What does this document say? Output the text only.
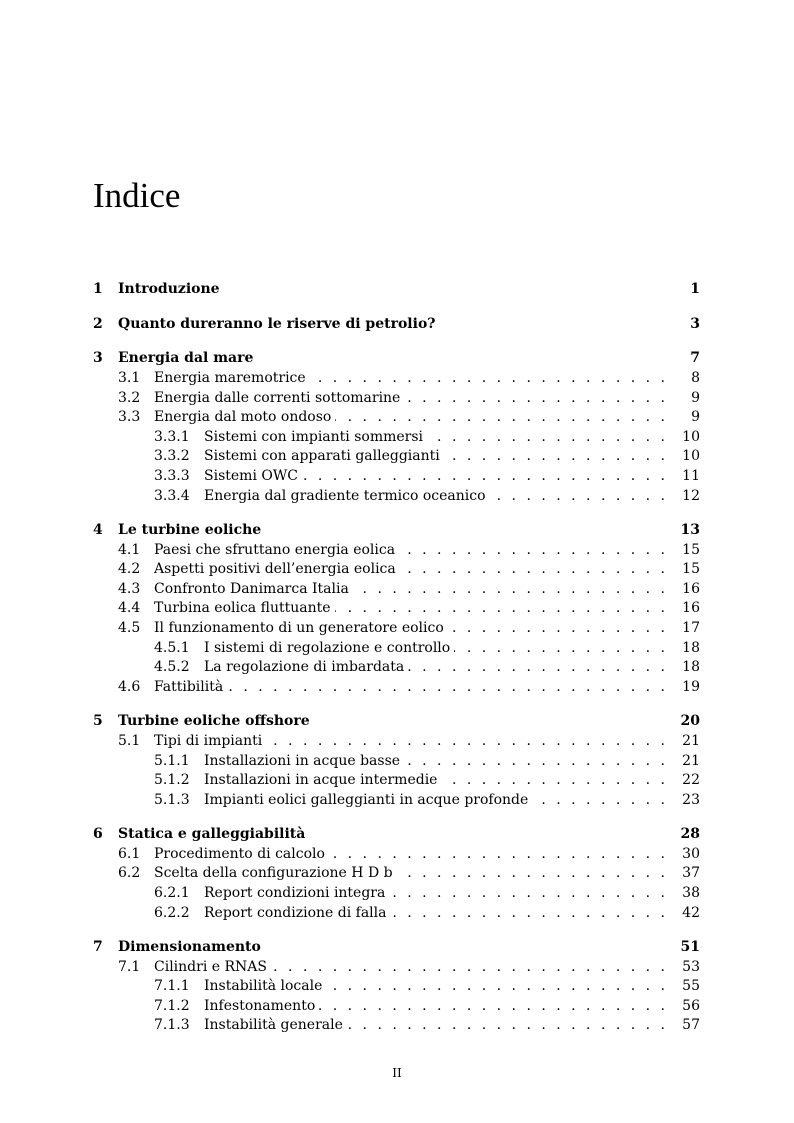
Indice
1 Introduzione	1
2 Quanto dureranno le riserve di petrolio?	3
3 Energia dal mare	7
3.1 Energia maremotrice . . .	8
3.2 Energia dalle correnti sottomarine . . .	9
3.3 Energia dal moto ondoso . . .	9
3.3.1 Sistemi con impianti sommersi . . .	10
3.3.2 Sistemi con apparati galleggianti . . .	10
3.3.3 Sistemi OWC . . .	11
3.3.4 Energia dal gradiente termico oceanico . . .	12
4 Le turbine eoliche	13
4.1 Paesi che sfruttano energia eolica . . .	15
4.2 Aspetti positivi dell’energia eolica . . .	15
4.3 Confronto Danimarca Italia . . .	16
4.4 Turbina eolica fluttuante . . .	16
4.5 Il funzionamento di un generatore eolico . . .	17
4.5.1 I sistemi di regolazione e controllo . . .	18
4.5.2 La regolazione di imbardata . . .	18
4.6 Fattibilità . . .	19
5 Turbine eoliche offshore	20
5.1 Tipi di impianti . . .	21
5.1.1 Installazioni in acque basse . . .	21
5.1.2 Installazioni in acque intermedie . . .	22
5.1.3 Impianti eolici galleggianti in acque profonde . . .	23
6 Statica e galleggiabilità	28
6.1 Procedimento di calcolo . . .	30
6.2 Scelta della configurazione H D b . . .	37
6.2.1 Report condizioni integra . . .	38
6.2.2 Report condizione di falla . . .	42
7 Dimensionamento	51
7.1 Cilindri e RNAS . . .	53
7.1.1 Instabilità locale . . .	55
7.1.2 Infestonamento . . .	56
7.1.3 Instabilità generale . . .	57
II
